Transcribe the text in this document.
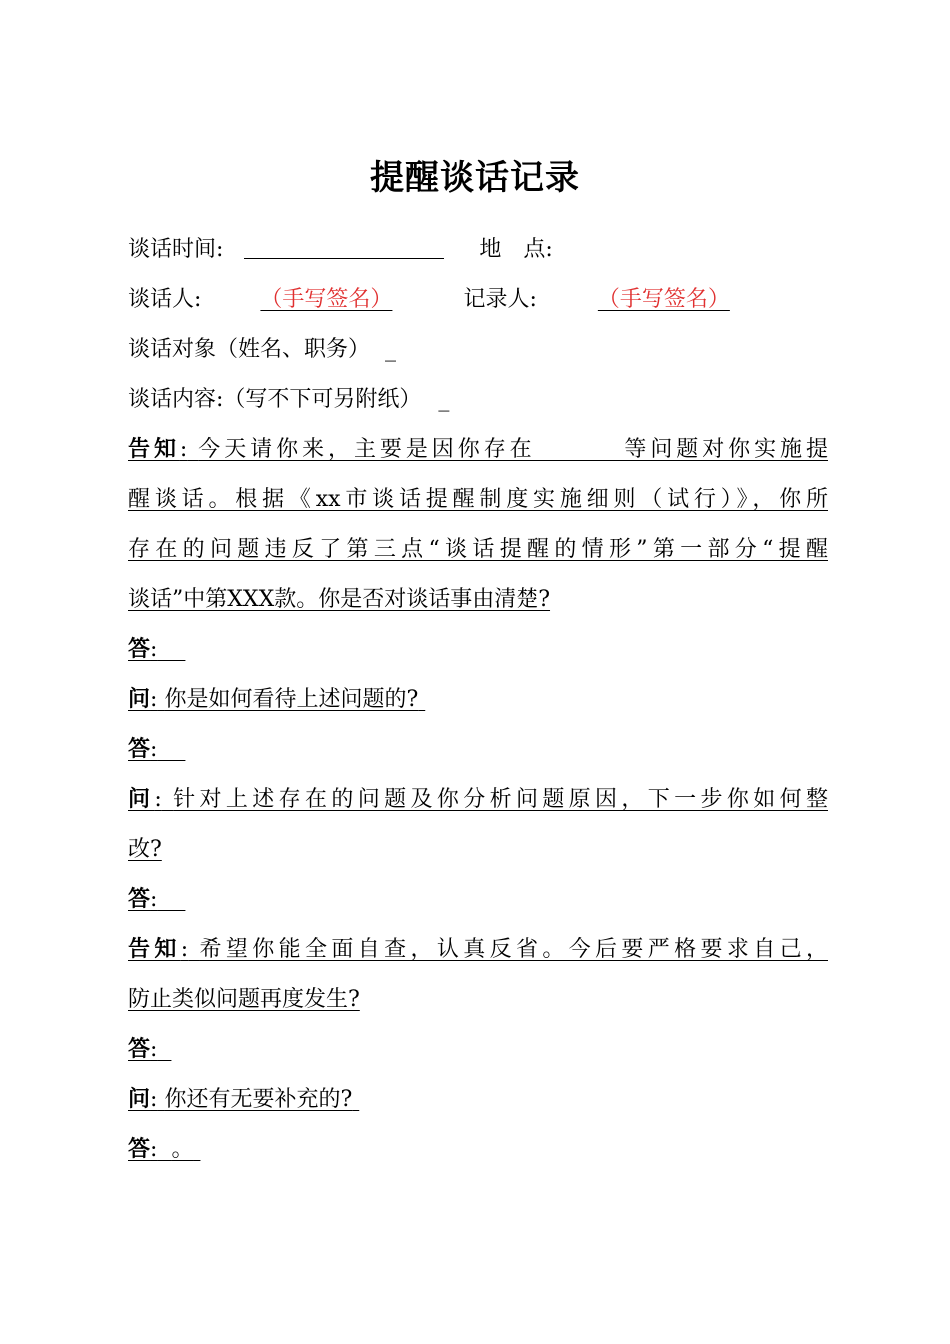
提醒谈话记录
谈话时间:	地　点:
谈话人:	（手写签名）	记录人:	（手写签名）
谈话对象（姓名、职务） _
谈话内容:（写不下可另附纸） _
告知: 今天请你来，主要是因你存在　　　 等问题对你实施提
醒谈话。根据《xx市谈话提醒制度实施细则（试行）》，你所
存在的问题违反了第三点“谈话提醒的情形”第一部分“提醒
谈话”中第XXX款。你是否对谈话事由清楚?
答:
问: 你是如何看待上述问题的?
答:
问: 针对上述存在的问题及你分析问题原因，下一步你如何整
改?
答:
告知: 希望你能全面自查，认真反省。今后要严格要求自己，
防止类似问题再度发生?
答:
问: 你还有无要补充的?
答: 。
